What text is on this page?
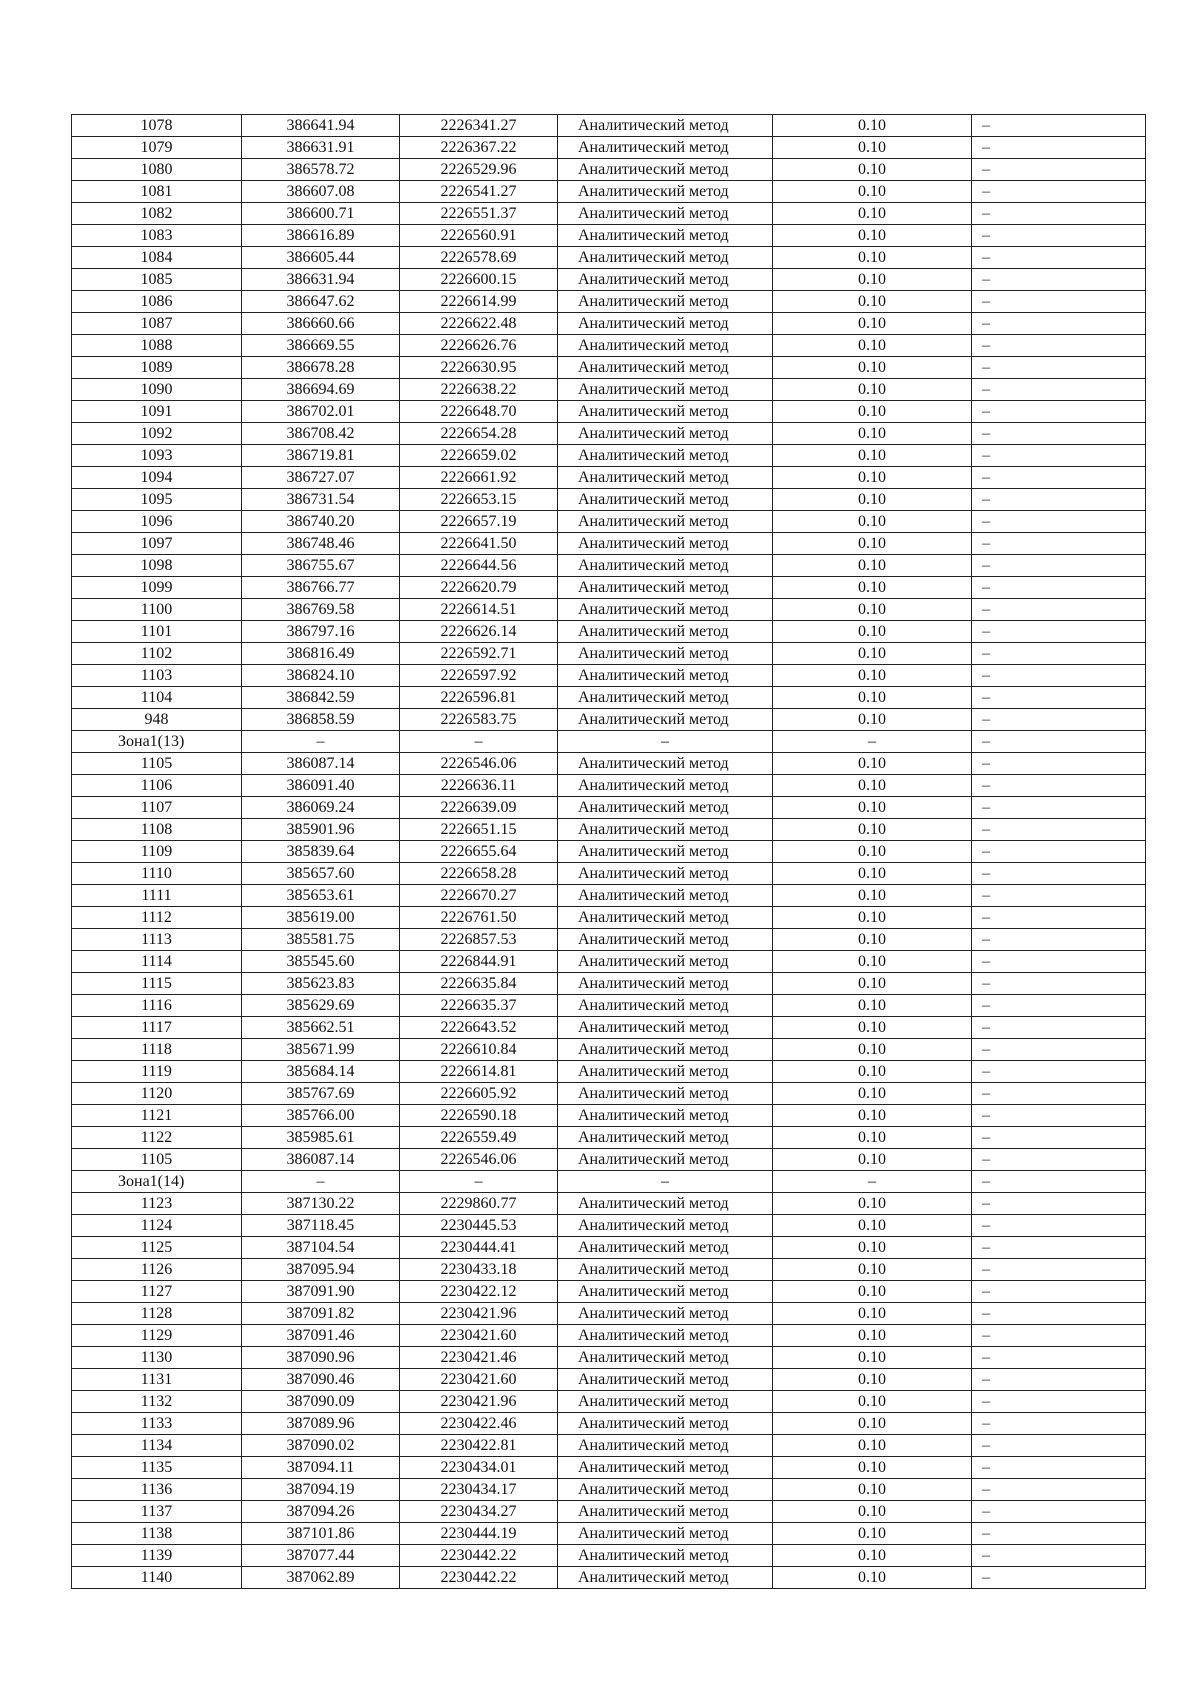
1078	386641.94	2226341.27	Аналитический метод	0.10	–
1079	386631.91	2226367.22	Аналитический метод	0.10	–
1080	386578.72	2226529.96	Аналитический метод	0.10	–
1081	386607.08	2226541.27	Аналитический метод	0.10	–
1082	386600.71	2226551.37	Аналитический метод	0.10	–
1083	386616.89	2226560.91	Аналитический метод	0.10	–
1084	386605.44	2226578.69	Аналитический метод	0.10	–
1085	386631.94	2226600.15	Аналитический метод	0.10	–
1086	386647.62	2226614.99	Аналитический метод	0.10	–
1087	386660.66	2226622.48	Аналитический метод	0.10	–
1088	386669.55	2226626.76	Аналитический метод	0.10	–
1089	386678.28	2226630.95	Аналитический метод	0.10	–
1090	386694.69	2226638.22	Аналитический метод	0.10	–
1091	386702.01	2226648.70	Аналитический метод	0.10	–
1092	386708.42	2226654.28	Аналитический метод	0.10	–
1093	386719.81	2226659.02	Аналитический метод	0.10	–
1094	386727.07	2226661.92	Аналитический метод	0.10	–
1095	386731.54	2226653.15	Аналитический метод	0.10	–
1096	386740.20	2226657.19	Аналитический метод	0.10	–
1097	386748.46	2226641.50	Аналитический метод	0.10	–
1098	386755.67	2226644.56	Аналитический метод	0.10	–
1099	386766.77	2226620.79	Аналитический метод	0.10	–
1100	386769.58	2226614.51	Аналитический метод	0.10	–
1101	386797.16	2226626.14	Аналитический метод	0.10	–
1102	386816.49	2226592.71	Аналитический метод	0.10	–
1103	386824.10	2226597.92	Аналитический метод	0.10	–
1104	386842.59	2226596.81	Аналитический метод	0.10	–
948	386858.59	2226583.75	Аналитический метод	0.10	–
Зона1(13)	–	–	–	–	–
1105	386087.14	2226546.06	Аналитический метод	0.10	–
1106	386091.40	2226636.11	Аналитический метод	0.10	–
1107	386069.24	2226639.09	Аналитический метод	0.10	–
1108	385901.96	2226651.15	Аналитический метод	0.10	–
1109	385839.64	2226655.64	Аналитический метод	0.10	–
1110	385657.60	2226658.28	Аналитический метод	0.10	–
1111	385653.61	2226670.27	Аналитический метод	0.10	–
1112	385619.00	2226761.50	Аналитический метод	0.10	–
1113	385581.75	2226857.53	Аналитический метод	0.10	–
1114	385545.60	2226844.91	Аналитический метод	0.10	–
1115	385623.83	2226635.84	Аналитический метод	0.10	–
1116	385629.69	2226635.37	Аналитический метод	0.10	–
1117	385662.51	2226643.52	Аналитический метод	0.10	–
1118	385671.99	2226610.84	Аналитический метод	0.10	–
1119	385684.14	2226614.81	Аналитический метод	0.10	–
1120	385767.69	2226605.92	Аналитический метод	0.10	–
1121	385766.00	2226590.18	Аналитический метод	0.10	–
1122	385985.61	2226559.49	Аналитический метод	0.10	–
1105	386087.14	2226546.06	Аналитический метод	0.10	–
Зона1(14)	–	–	–	–	–
1123	387130.22	2229860.77	Аналитический метод	0.10	–
1124	387118.45	2230445.53	Аналитический метод	0.10	–
1125	387104.54	2230444.41	Аналитический метод	0.10	–
1126	387095.94	2230433.18	Аналитический метод	0.10	–
1127	387091.90	2230422.12	Аналитический метод	0.10	–
1128	387091.82	2230421.96	Аналитический метод	0.10	–
1129	387091.46	2230421.60	Аналитический метод	0.10	–
1130	387090.96	2230421.46	Аналитический метод	0.10	–
1131	387090.46	2230421.60	Аналитический метод	0.10	–
1132	387090.09	2230421.96	Аналитический метод	0.10	–
1133	387089.96	2230422.46	Аналитический метод	0.10	–
1134	387090.02	2230422.81	Аналитический метод	0.10	–
1135	387094.11	2230434.01	Аналитический метод	0.10	–
1136	387094.19	2230434.17	Аналитический метод	0.10	–
1137	387094.26	2230434.27	Аналитический метод	0.10	–
1138	387101.86	2230444.19	Аналитический метод	0.10	–
1139	387077.44	2230442.22	Аналитический метод	0.10	–
1140	387062.89	2230442.22	Аналитический метод	0.10	–
